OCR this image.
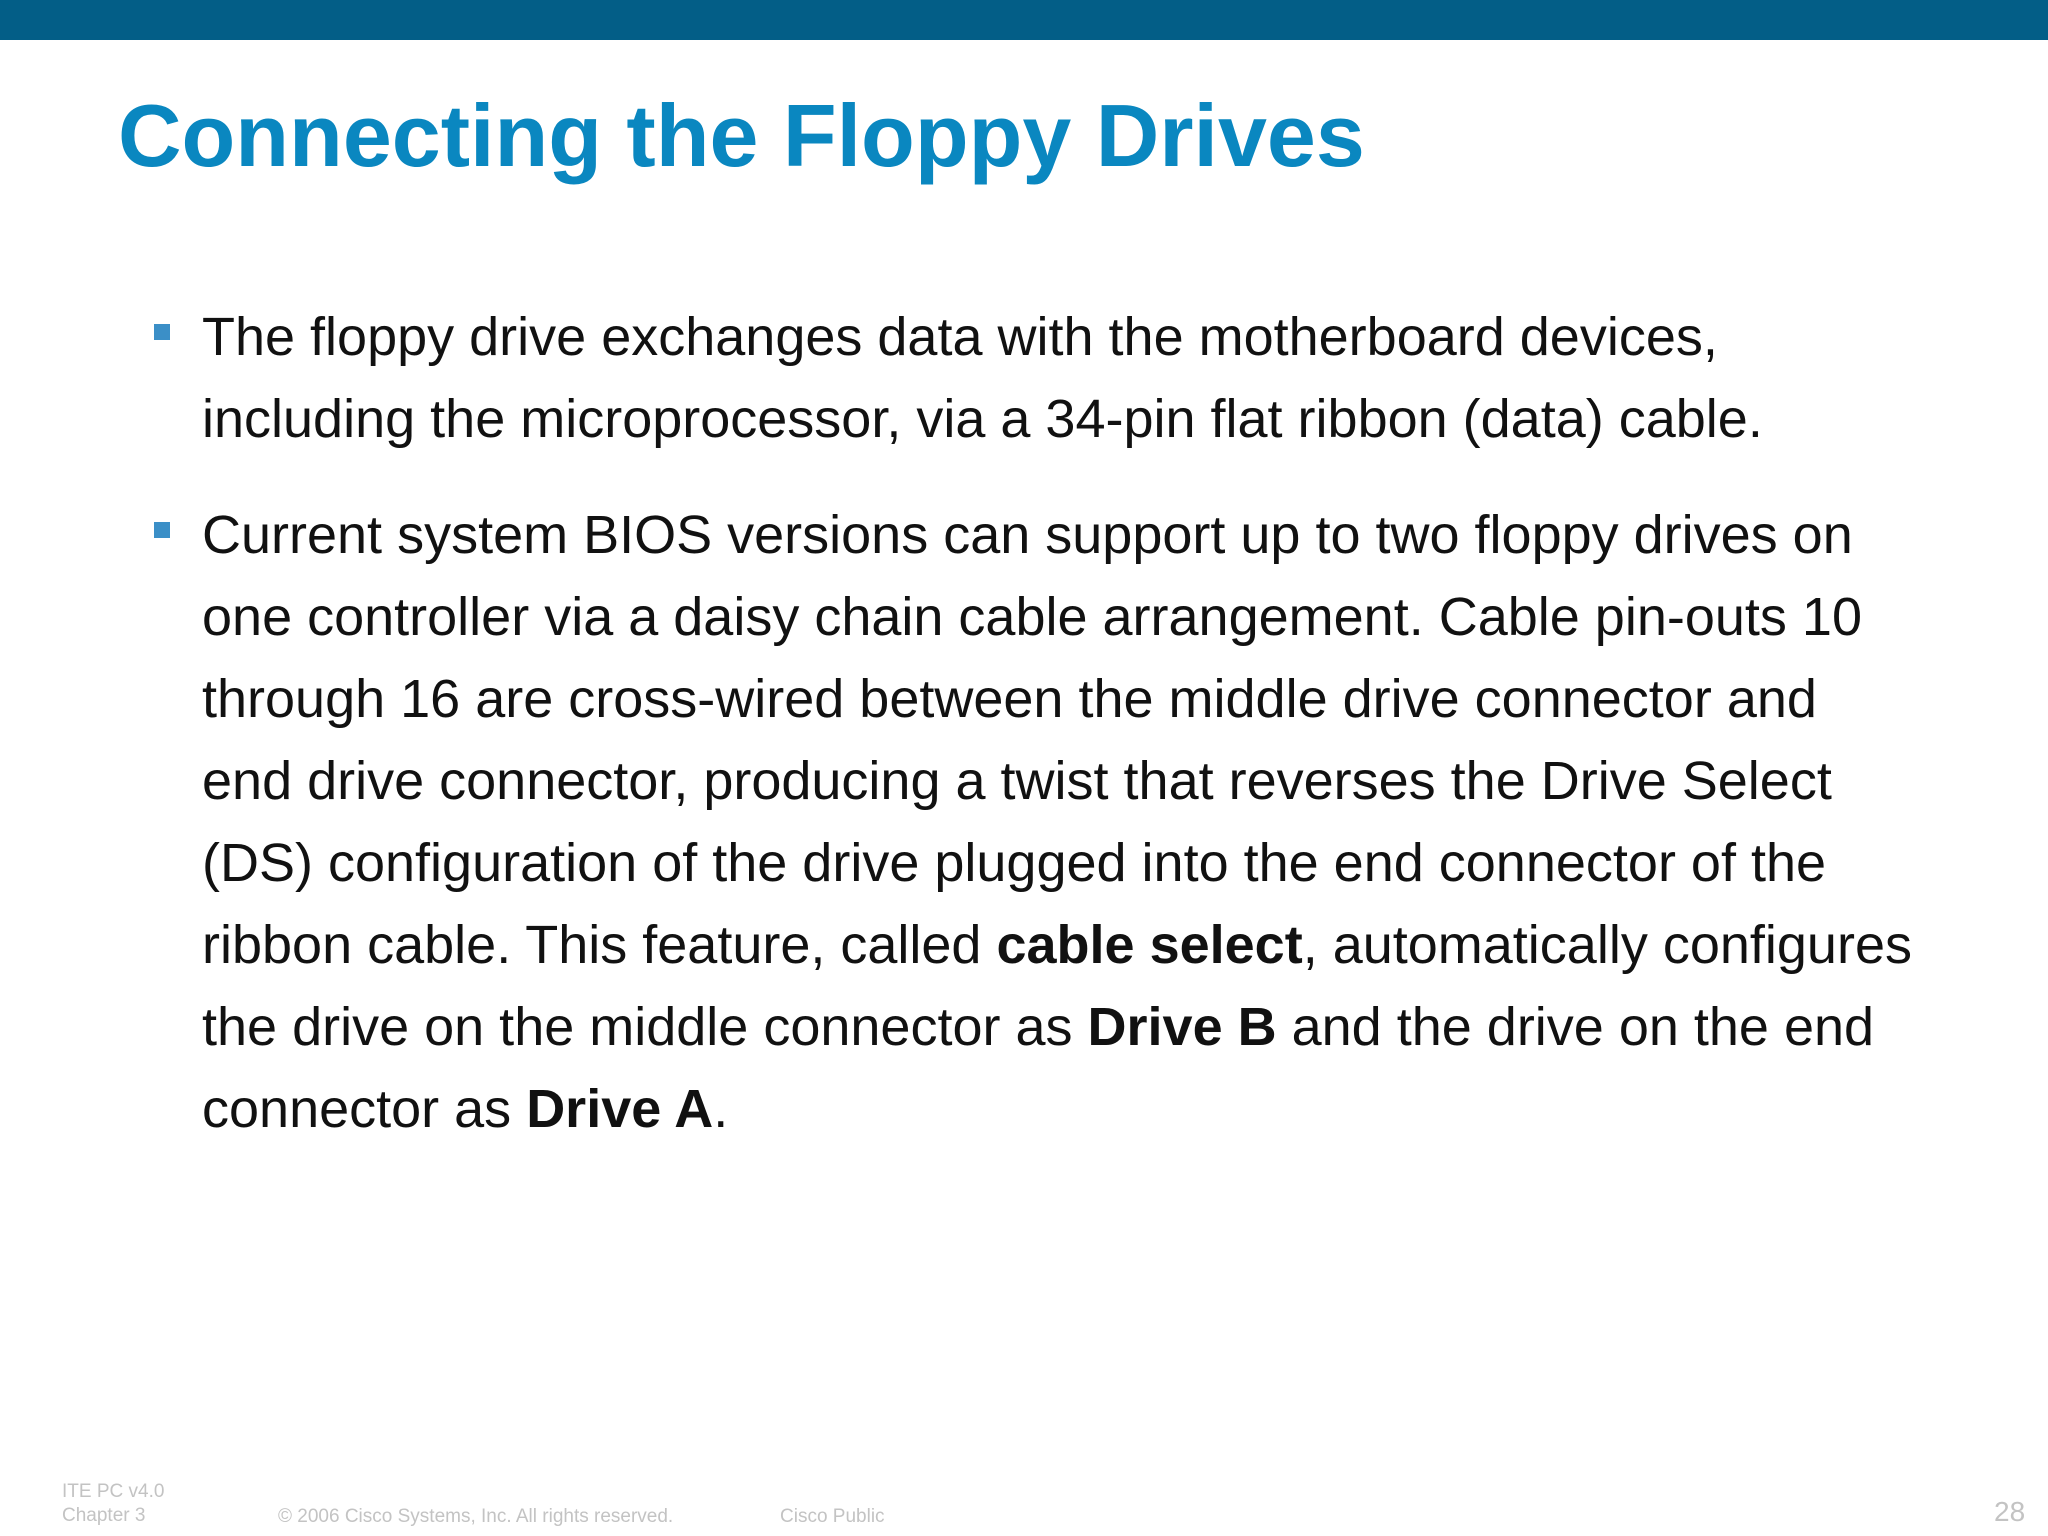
Connecting the Floppy Drives
The floppy drive exchanges data with the motherboard devices, including the microprocessor, via a 34-pin flat ribbon (data) cable.
Current system BIOS versions can support up to two floppy drives on one controller via a daisy chain cable arrangement. Cable pin-outs 10 through 16 are cross-wired between the middle drive connector and end drive connector, producing a twist that reverses the Drive Select (DS) configuration of the drive plugged into the end connector of the ribbon cable. This feature, called cable select, automatically configures the drive on the middle connector as Drive B and the drive on the end connector as Drive A.
ITE PC v4.0
Chapter 3	© 2006 Cisco Systems, Inc. All rights reserved.	Cisco Public	28
